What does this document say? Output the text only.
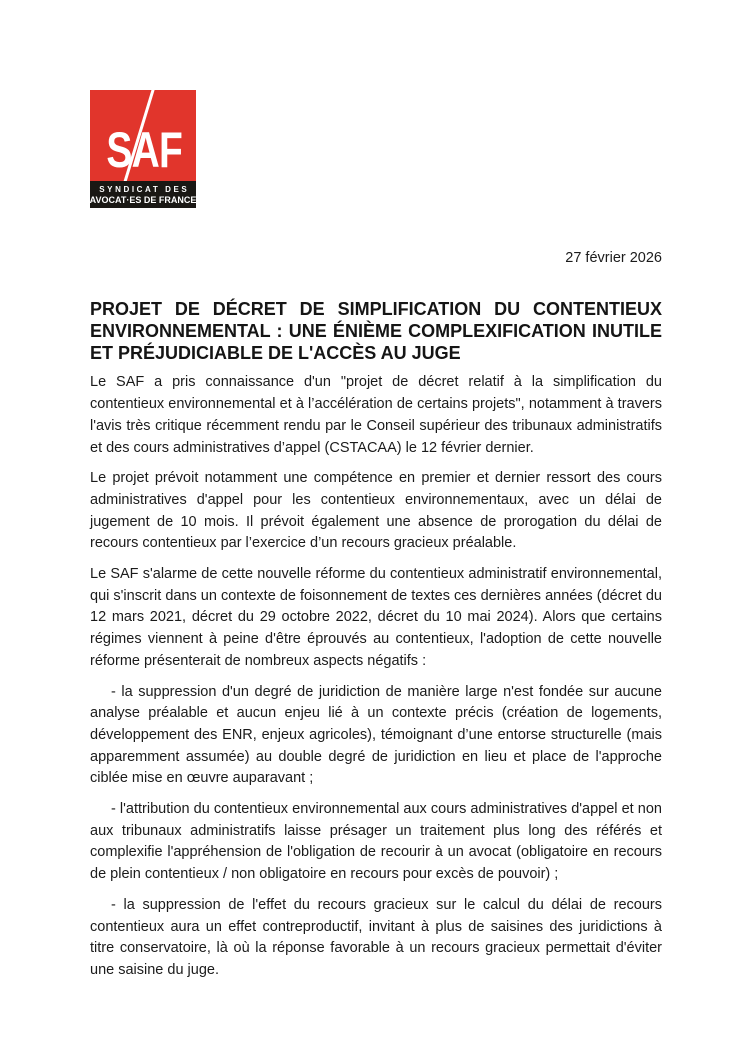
SAF
SYNDICAT DES
AVOCAT·ES DE FRANCE
27 février 2026
PROJET DE DÉCRET DE SIMPLIFICATION DU CONTENTIEUX ENVIRONNEMENTAL : UNE ÉNIÈME COMPLEXIFICATION INUTILE ET PRÉJUDICIABLE DE L'ACCÈS AU JUGE

Le SAF a pris connaissance d'un "projet de décret relatif à la simplification du contentieux environnemental et à l’accélération de certains projets", notamment à travers l'avis très critique récemment rendu par le Conseil supérieur des tribunaux administratifs et des cours administratives d’appel (CSTACAA) le 12 février dernier.

Le projet prévoit notamment une compétence en premier et dernier ressort des cours administratives d'appel pour les contentieux environnementaux, avec un délai de jugement de 10 mois. Il prévoit également une absence de prorogation du délai de recours contentieux par l’exercice d’un recours gracieux préalable.

Le SAF s'alarme de cette nouvelle réforme du contentieux administratif environnemental, qui s'inscrit dans un contexte de foisonnement de textes ces dernières années (décret du 12 mars 2021, décret du 29 octobre 2022, décret du 10 mai 2024). Alors que certains régimes viennent à peine d'être éprouvés au contentieux, l'adoption de cette nouvelle réforme présenterait de nombreux aspects négatifs :

- la suppression d'un degré de juridiction de manière large n'est fondée sur aucune analyse préalable et aucun enjeu lié à un contexte précis (création de logements, développement des ENR, enjeux agricoles), témoignant d’une entorse structurelle (mais apparemment assumée) au double degré de juridiction en lieu et place de l'approche ciblée mise en œuvre auparavant ;

- l'attribution du contentieux environnemental aux cours administratives d'appel et non aux tribunaux administratifs laisse présager un traitement plus long des référés et complexifie l'appréhension de l'obligation de recourir à un avocat (obligatoire en recours de plein contentieux / non obligatoire en recours pour excès de pouvoir) ;

- la suppression de l'effet du recours gracieux sur le calcul du délai de recours contentieux aura un effet contreproductif, invitant à plus de saisines des juridictions à titre conservatoire, là où la réponse favorable à un recours gracieux permettait d'éviter une saisine du juge.
